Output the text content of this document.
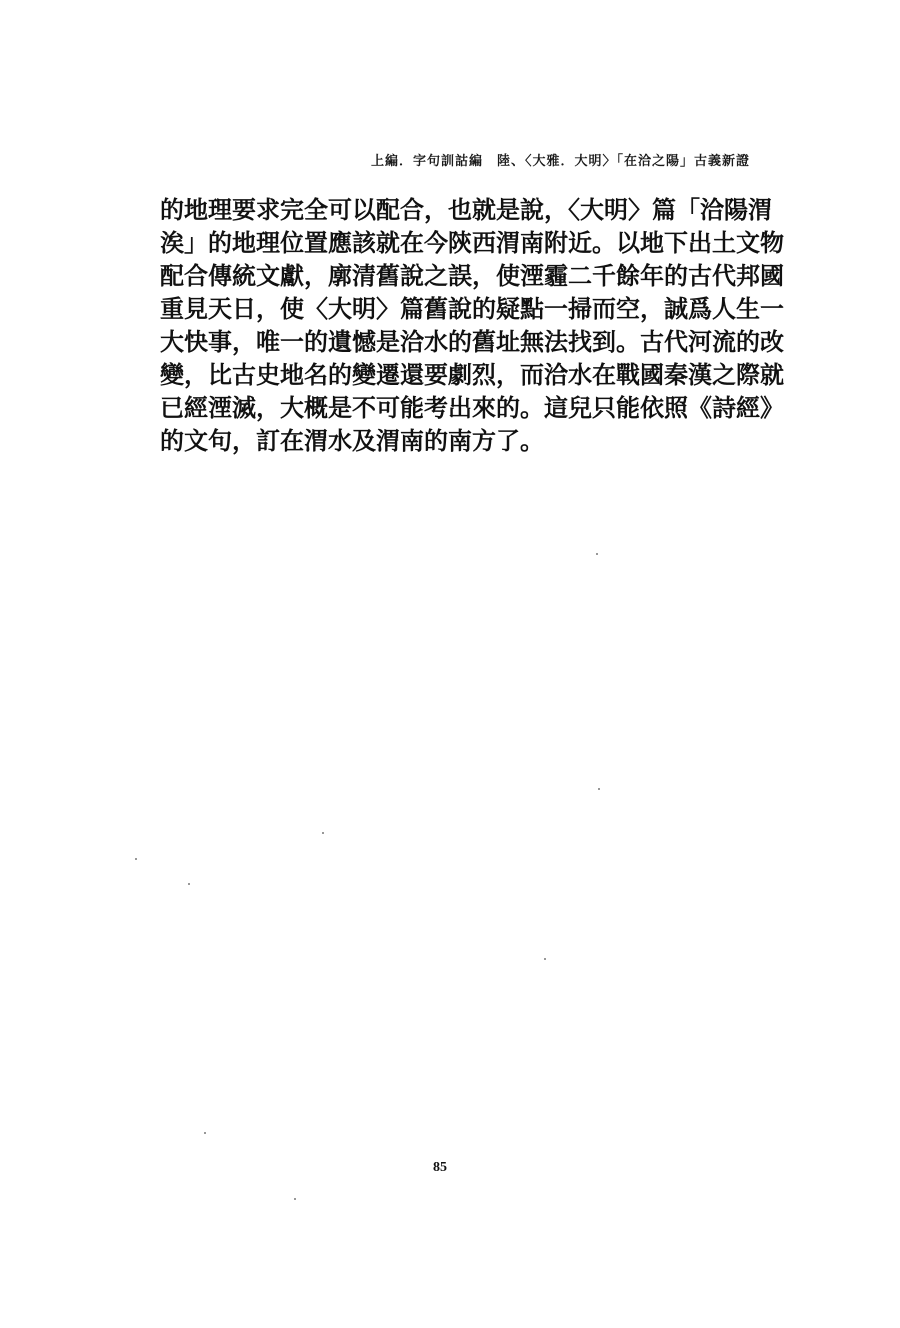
上編．字句訓詁編　陸、〈大雅．大明〉「在洽之陽」古義新證
的地理要求完全可以配合，也就是說，〈大明〉篇「洽陽渭
涘」的地理位置應該就在今陝西渭南附近。以地下出土文物
配合傳統文獻，廓清舊說之誤，使湮霾二千餘年的古代邦國
重見天日，使〈大明〉篇舊說的疑點一掃而空，誠爲人生一
大快事，唯一的遺憾是洽水的舊址無法找到。古代河流的改
變，比古史地名的變遷還要劇烈，而洽水在戰國秦漢之際就
已經湮滅，大概是不可能考出來的。這兒只能依照《詩經》
的文句，訂在渭水及渭南的南方了。
85
